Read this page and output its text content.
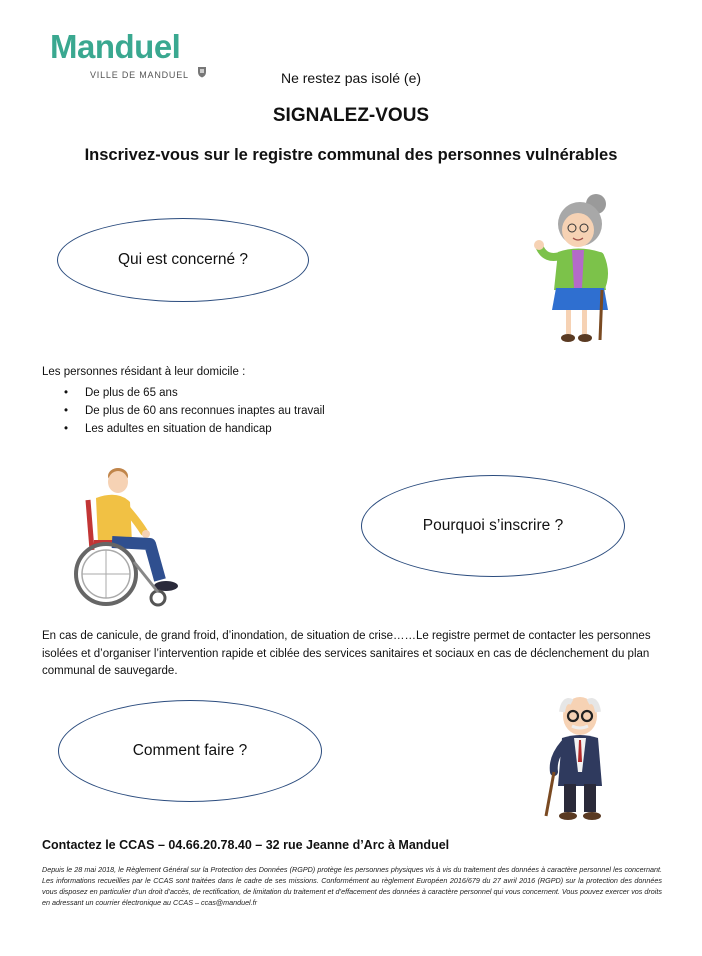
Manduel
VILLE DE MANDUEL	Ne restez pas isolé (e)
SIGNALEZ-VOUS
Inscrivez-vous sur le registre communal des personnes vulnérables
Qui est concerné ?
Les personnes résidant à leur domicile :
• De plus de 65 ans
• De plus de 60 ans reconnues inaptes au travail
• Les adultes en situation de handicap
Pourquoi s’inscrire ?
En cas de canicule, de grand froid, d’inondation, de situation de crise……Le registre permet de contacter les personnes isolées et d’organiser l’intervention rapide et ciblée des services sanitaires et sociaux en cas de déclenchement du plan communal de sauvegarde.
Comment faire ?
Contactez le CCAS – 04.66.20.78.40 – 32 rue Jeanne d’Arc à Manduel
Depuis le 28 mai 2018, le Règlement Général sur la Protection des Données (RGPD) protège les personnes physiques vis à vis du traitement des données à caractère personnel les concernant. Les informations recueillies par le CCAS sont traitées dans le cadre de ses missions. Conformément au règlement Européen 2016/679 du 27 avril 2016 (RGPD) sur la protection des données vous disposez en particulier d’un droit d’accès, de rectification, de limitation du traitement et d’effacement des données à caractère personnel qui vous concernent. Vous pouvez exercer vos droits en adressant un courrier électronique au CCAS – ccas@manduel.fr
